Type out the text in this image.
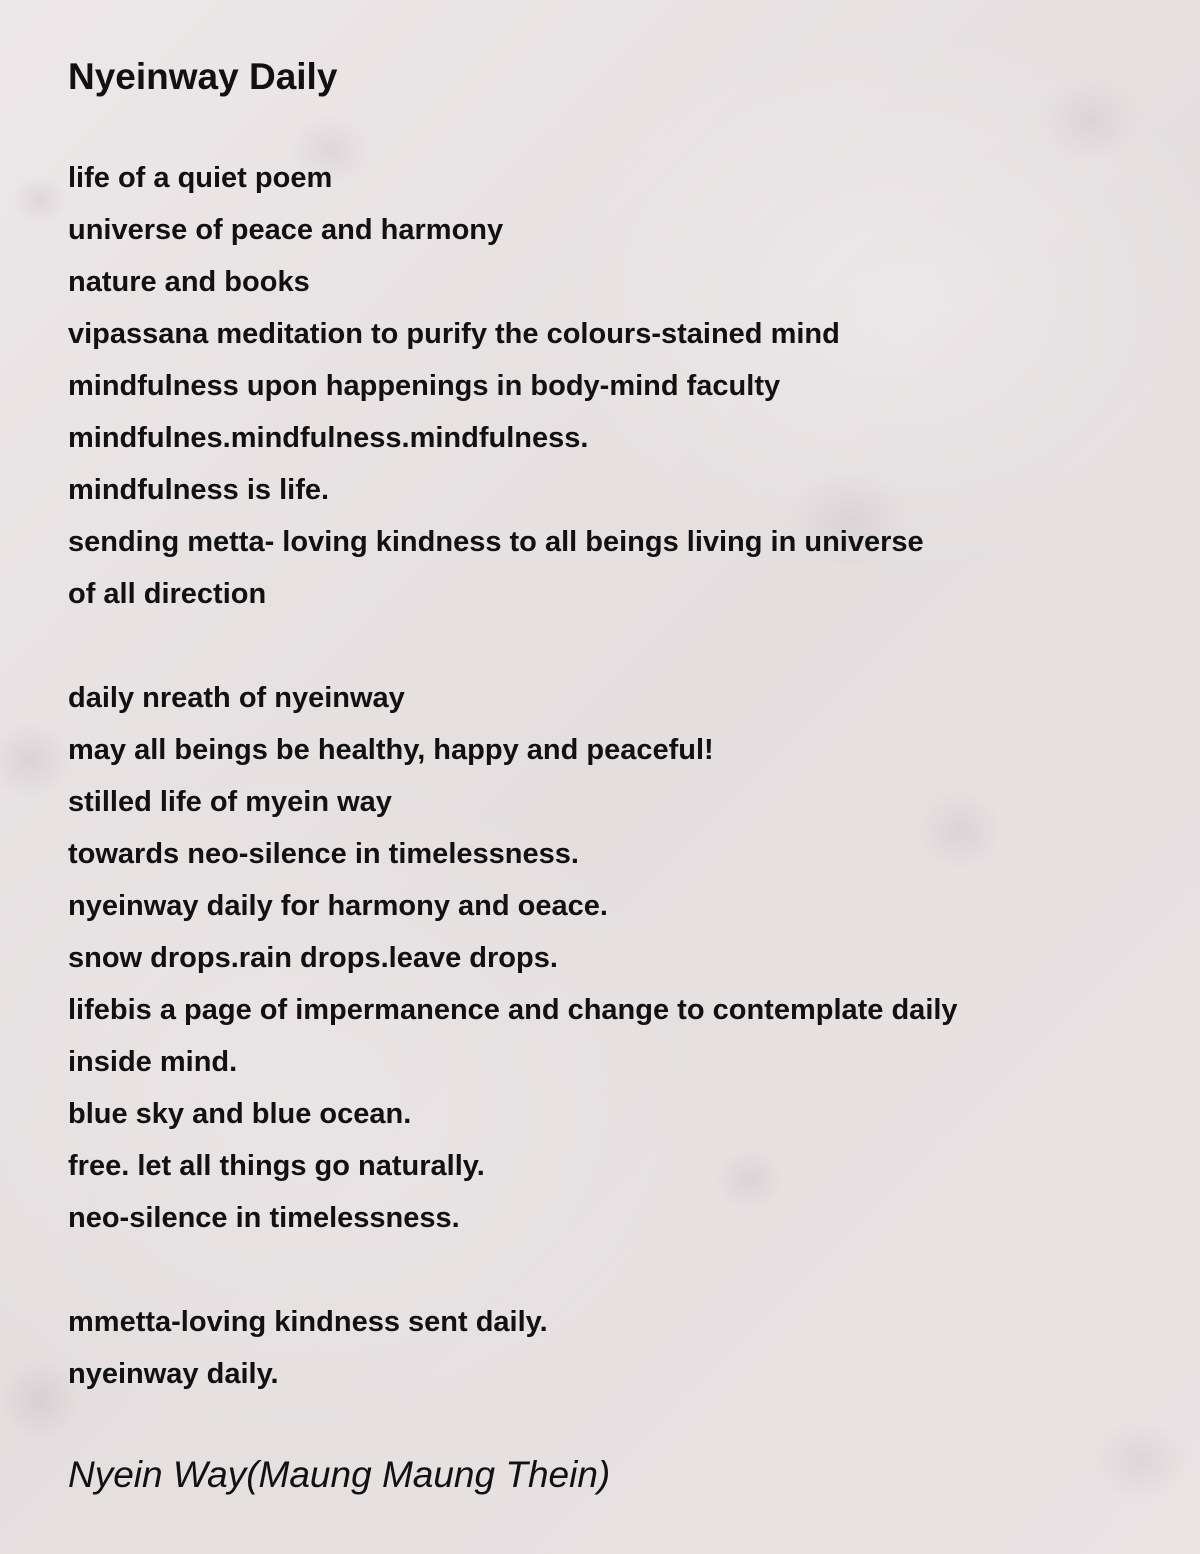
Nyeinway Daily
life of a quiet poem
universe of peace and harmony
nature and books
vipassana meditation to purify the colours-stained mind
mindfulness upon happenings in body-mind faculty
mindfulnes.mindfulness.mindfulness.
mindfulness is life.
sending metta- loving kindness to all beings living in universe
of all direction
daily nreath of nyeinway
may all beings be healthy, happy and peaceful!
stilled life of myein way
towards neo-silence in timelessness.
nyeinway daily for harmony and oeace.
snow drops.rain drops.leave drops.
lifebis a page of impermanence and change to contemplate daily
inside mind.
blue sky and blue ocean.
free. let all things go naturally.
neo-silence in timelessness.
mmetta-loving kindness sent daily.
nyeinway daily.

Nyein Way(Maung Maung Thein)
